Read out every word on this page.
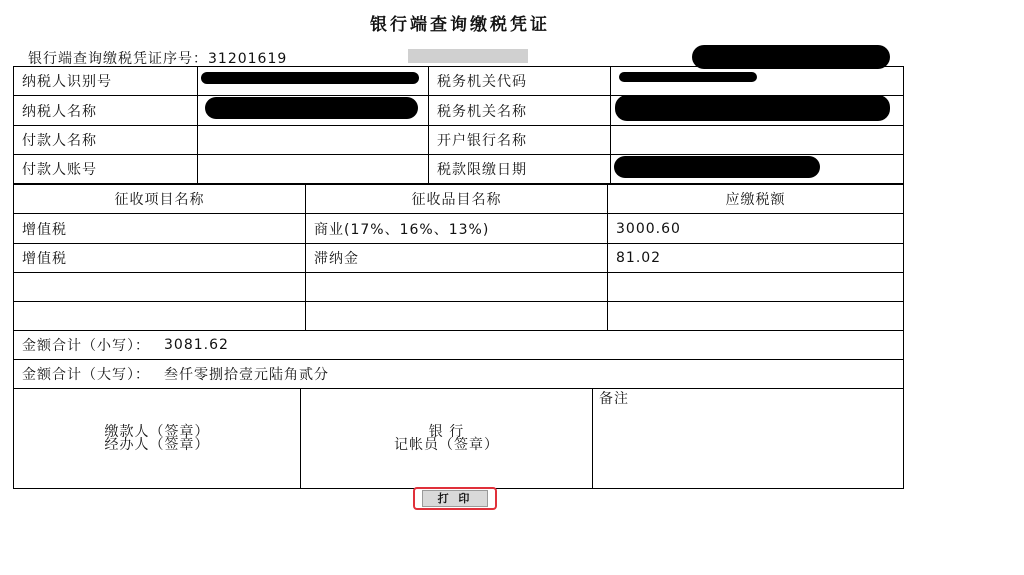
银行端查询缴税凭证
银行端查询缴税凭证序号：31201619
纳税人识别号	税务机关代码
纳税人名称	税务机关名称
付款人名称	开户银行名称
付款人账号	税款限缴日期
征收项目名称	征收品目名称	应缴税额
增值税	商业(17%、16%、13%)	3000.60
增值税	滞纳金	81.02
金额合计（小写）： 3081.62
金额合计（大写）： 叁仟零捌拾壹元陆角贰分
缴款人（签章）
经办人（签章）
银 行
记帐员（签章）
备注
打 印
